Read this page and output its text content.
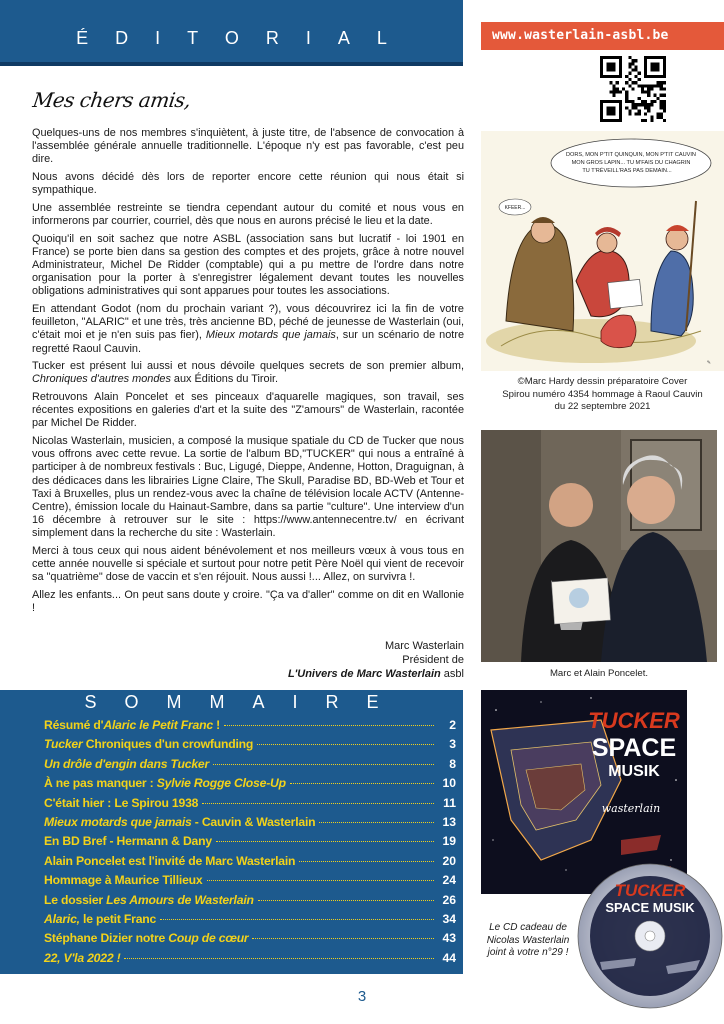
ÉDITORIAL	www.wasterlain-asbl.be
Mes chers amis,

Quelques-uns de nos membres s'inquiètent, à juste titre, de l'absence de convocation à l'assemblée générale annuelle traditionnelle. L'époque n'y est pas favorable, c'est peu dire.

Nous avons décidé dès lors de reporter encore cette réunion qui nous était si sympathique.

Une assemblée restreinte se tiendra cependant autour du comité et nous vous en informerons par courrier, courriel, dès que nous en aurons précisé le lieu et la date.

Quoiqu'il en soit sachez que notre ASBL (association sans but lucratif - loi 1901 en France) se porte bien dans sa gestion des comptes et des projets, grâce à notre nouvel Administrateur, Michel De Ridder (comptable) qui a pu mettre de l'ordre dans notre organisation pour la porter à s'enregistrer légalement devant toutes les nouvelles obligations administratives qui sont apparues pour toutes les associations.

En attendant Godot (nom du prochain variant ?), vous découvrirez ici la fin de votre feuilleton, "ALARIC" et une très, très ancienne BD, péché de jeunesse de Wasterlain (oui, c'était moi et je n'en suis pas fier), Mieux motards que jamais, sur un scénario de notre regretté Raoul Cauvin.

Tucker est présent lui aussi et nous dévoile quelques secrets de son premier album, Chroniques d'autres mondes aux Éditions du Tiroir.

Retrouvons Alain Poncelet et ses pinceaux d'aquarelle magiques, son travail, ses récentes expositions en galeries d'art et la suite des "Z'amours" de Wasterlain, racontée par Michel De Ridder.

Nicolas Wasterlain, musicien, a composé la musique spatiale du CD de Tucker que nous vous offrons avec cette revue. La sortie de l'album BD,"TUCKER" qui nous a entraîné à participer à de nombreux festivals : Buc, Ligugé, Dieppe, Andenne, Hotton, Draguignan, à des dédicaces dans les librairies Ligne Claire, The Skull, Paradise BD, BD-Web et Tour et Taxi à Bruxelles, plus un rendez-vous avec la chaîne de télévision locale ACTV (Antenne-Centre), émission locale du Hainaut-Sambre, dans sa partie "culture". Une interview d'un 16 décembre à retrouver sur le site : https://www.antennecentre.tv/ en écrivant simplement dans la recherche du site : Wasterlain.

Merci à tous ceux qui nous aident bénévolement et nos meilleurs vœux à vous tous en cette année nouvelle si spéciale et surtout pour notre petit Père Noël qui vient de recevoir sa "quatrième" dose de vaccin et s'en réjouit. Nous aussi !... Allez, on survivra !.

Allez les enfants... On peut sans doute y croire. "Ça va d'aller" comme on dit en Wallonie !

Marc Wasterlain
Président de
L'Univers de Marc Wasterlain asbl
DORS, MON P'TIT QUINQUIN, MON P'TIT CAUVIN
MON GROS LAPIN... TU M'FAIS DU CHAGRIN
TU T'RÉVEILL'RAS PAS DEMAIN...
KFEER...
✎
©Marc Hardy dessin préparatoire Cover
Spirou numéro 4354 hommage à Raoul Cauvin
du 22 septembre 2021
Marc et Alain Poncelet.
SOMMAIRE
Résumé d'Alaric le Petit Franc !	2
Tucker Chroniques d'un crowfunding	3
Un drôle d'engin dans Tucker	8
À ne pas manquer : Sylvie Rogge Close-Up	10
C'était hier : Le Spirou 1938	11
Mieux motards que jamais - Cauvin & Wasterlain	13
En BD Bref - Hermann & Dany	19
Alain Poncelet est l'invité de Marc Wasterlain	20
Hommage à Maurice Tillieux	24
Le dossier Les Amours de Wasterlain	26
Alaric, le petit Franc	34
Stéphane Dizier notre Coup de cœur	43
22, V'la 2022 !	44
TUCKER
SPACE
MUSIK
wasterlain
TUCKER
SPACE MUSIK
Le CD cadeau de
Nicolas Wasterlain
joint à votre n°29 !
3
